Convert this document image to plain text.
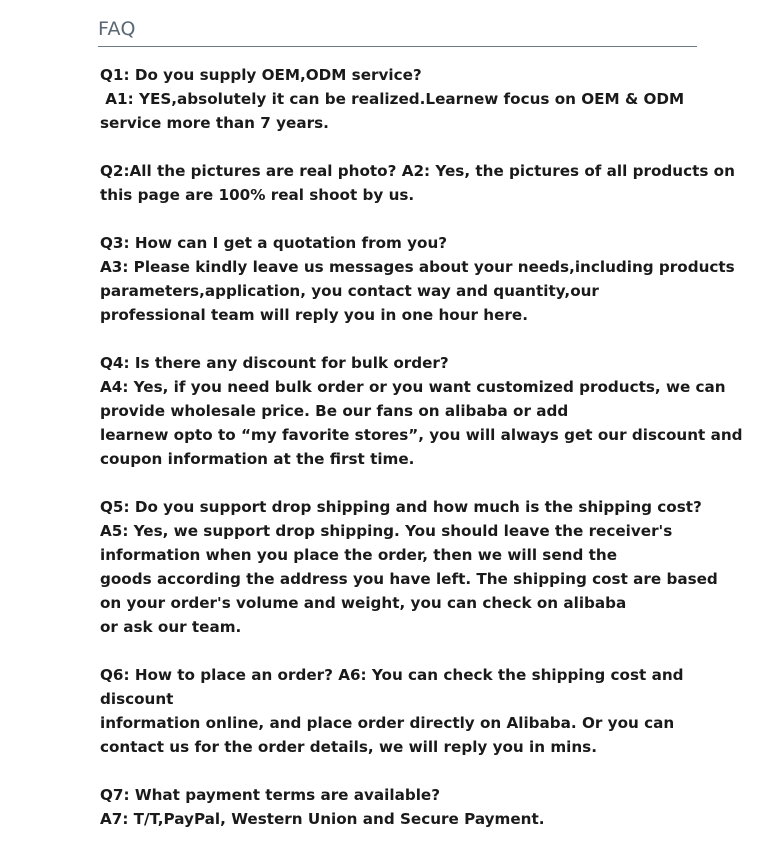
FAQ
Q1: Do you supply OEM,ODM service?
A1: YES,absolutely it can be realized.Learnew focus on OEM & ODM
service more than 7 years.
Q2:All the pictures are real photo? A2: Yes, the pictures of all products on
this page are 100% real shoot by us.
Q3: How can I get a quotation from you?
A3: Please kindly leave us messages about your needs,including products
parameters,application, you contact way and quantity,our
professional team will reply you in one hour here.
Q4: Is there any discount for bulk order?
A4: Yes, if you need bulk order or you want customized products, we can
provide wholesale price. Be our fans on alibaba or add
learnew opto to “my favorite stores”, you will always get our discount and
coupon information at the first time.
Q5: Do you support drop shipping and how much is the shipping cost?
A5: Yes, we support drop shipping. You should leave the receiver's
information when you place the order, then we will send the
goods according the address you have left. The shipping cost are based
on your order's volume and weight, you can check on alibaba
or ask our team.
Q6: How to place an order? A6: You can check the shipping cost and
discount
information online, and place order directly on Alibaba. Or you can
contact us for the order details, we will reply you in mins.
Q7: What payment terms are available?
A7: T/T,PayPal, Western Union and Secure Payment.
